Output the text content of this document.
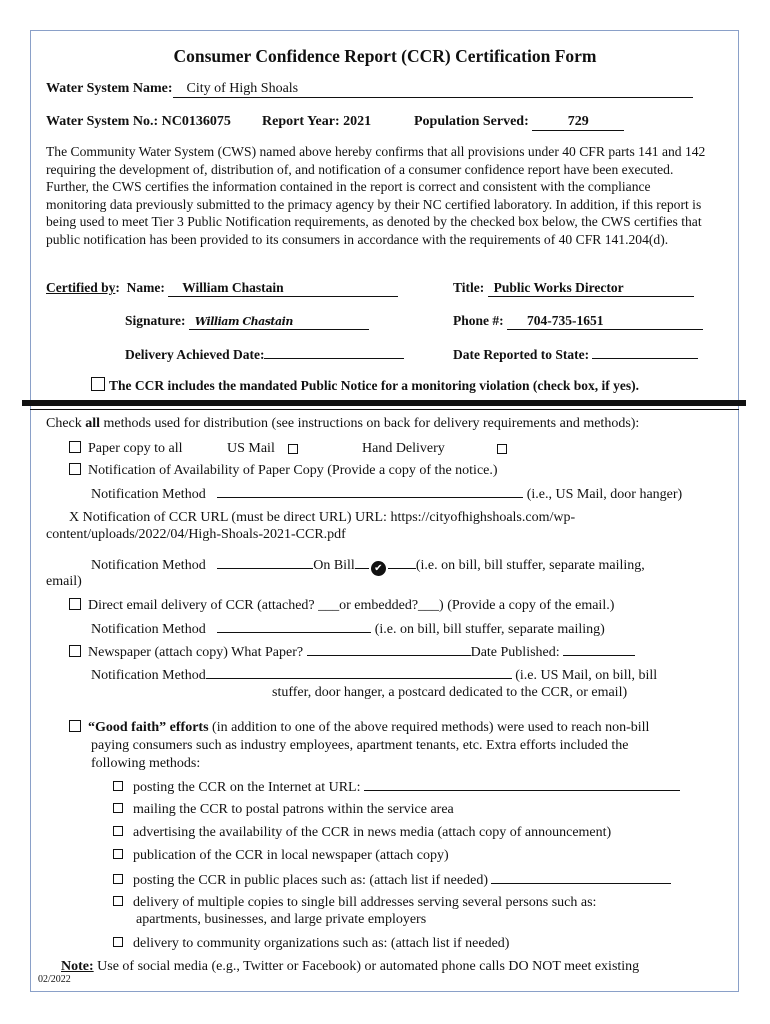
Consumer Confidence Report (CCR) Certification Form
Water System Name: City of High Shoals
Water System No.: NC0136075 Report Year: 2021	Population Served:	729
The Community Water System (CWS) named above hereby confirms that all provisions under 40 CFR parts 141 and 142 requiring the development of, distribution of, and notification of a consumer confidence report have been executed. Further, the CWS certifies the information contained in the report is correct and consistent with the compliance monitoring data previously submitted to the primacy agency by their NC certified laboratory. In addition, if this report is being used to meet Tier 3 Public Notification requirements, as denoted by the checked box below, the CWS certifies that public notification has been provided to its consumers in accordance with the requirements of 40 CFR 141.204(d).
Certified by:  Name: William Chastain	Title: Public Works Director
Signature: William Chastain	Phone #: 704-735-1651
Delivery Achieved Date:	Date Reported to State:
The CCR includes the mandated Public Notice for a monitoring violation (check box, if yes).
Check all methods used for distribution (see instructions on back for delivery requirements and methods):
Paper copy to all	US Mail	Hand Delivery
Notification of Availability of Paper Copy (Provide a copy of the notice.)
Notification Method	(i.e., US Mail, door hanger)
X Notification of CCR URL (must be direct URL) URL: https://cityofhighshoals.com/wp-
content/uploads/2022/04/High-Shoals-2021-CCR.pdf
Notification Method	On Bill ✔ (i.e. on bill, bill stuffer, separate mailing,
email)
Direct email delivery of CCR (attached? ___or embedded?___) (Provide a copy of the email.)
Notification Method	(i.e. on bill, bill stuffer, separate mailing)
Newspaper (attach copy) What Paper?	Date Published:
Notification Method	(i.e. US Mail, on bill, bill
stuffer, door hanger, a postcard dedicated to the CCR, or email)
“Good faith” efforts (in addition to one of the above required methods) were used to reach non-bill
paying consumers such as industry employees, apartment tenants, etc. Extra efforts included the
following methods:
posting the CCR on the Internet at URL:
mailing the CCR to postal patrons within the service area
advertising the availability of the CCR in news media (attach copy of announcement)
publication of the CCR in local newspaper (attach copy)
posting the CCR in public places such as: (attach list if needed)
delivery of multiple copies to single bill addresses serving several persons such as:
apartments, businesses, and large private employers
delivery to community organizations such as: (attach list if needed)
Note: Use of social media (e.g., Twitter or Facebook) or automated phone calls DO NOT meet existing
02/2022
